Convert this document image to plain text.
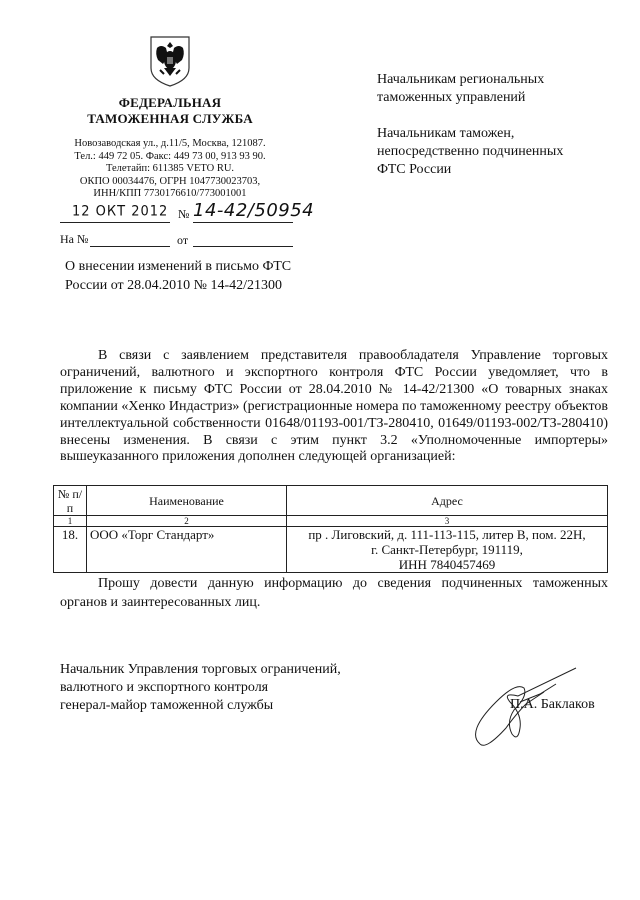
ФЕДЕРАЛЬНАЯ
ТАМОЖЕННАЯ СЛУЖБА
Новозаводская ул., д.11/5, Москва, 121087.
Тел.: 449 72 05. Факс: 449 73 00, 913 93 90.
Телетайп: 611385 VETO RU.
ОКПО 00034476, ОГРН 1047730023703,
ИНН/КПП 7730176610/773001001
12 ОКТ 2012 № 14-42/50954
На №	от
Начальникам региональных
таможенных управлений
Начальникам таможен,
непосредственно подчиненных
ФТС России
О внесении изменений в письмо ФТС
России от 28.04.2010 № 14-42/21300
В связи с заявлением представителя правообладателя Управление торговых ограничений, валютного и экспортного контроля ФТС России уведомляет, что в приложение к письму ФТС России от 28.04.2010 № 14-42/21300 «О товарных знаках компании «Хенко Индастриз» (регистрационные номера по таможенному реестру объектов интеллектуальной собственности 01648/01193-001/ТЗ-280410, 01649/01193-002/ТЗ-280410) внесены изменения. В связи с этим пункт 3.2 «Уполномоченные импортеры» вышеуказанного приложения дополнен следующей организацией:
№ п/п	Наименование	Адрес
1	2	3
18.	ООО «Торг Стандарт»	пр . Лиговский, д. 111-113-115, литер В, пом. 22Н,
г. Санкт-Петербург, 191119,
ИНН 7840457469
Прошу довести данную информацию до сведения подчиненных таможенных органов и заинтересованных лиц.
Начальник Управления торговых ограничений,
валютного и экспортного контроля
генерал-майор таможенной службы	П.А. Баклаков
